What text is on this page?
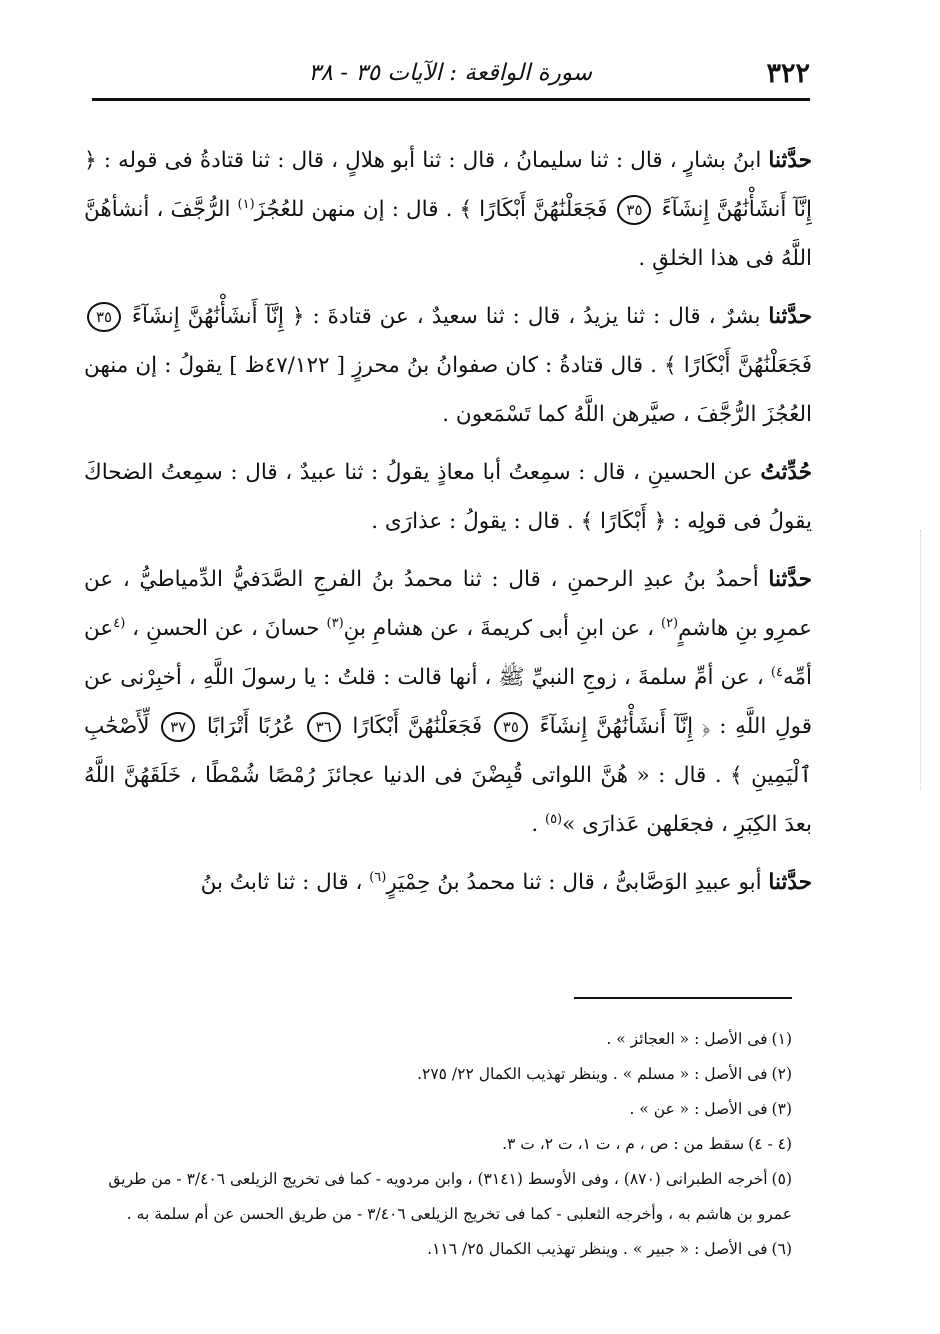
٣٢٢
سورة الواقعة : الآيات ٣٥ - ٣٨

حدَّثنا ابنُ بشارٍ ، قال : ثنا سليمانُ ، قال : ثنا أبو هلالٍ ، قال : ثنا قتادةُ فى قوله : ﴿ إِنَّآ أَنشَأْنَٰهُنَّ إِنشَآءً ٣٥ فَجَعَلْنَٰهُنَّ أَبْكَارًا ﴾ . قال : إن منهن للعُجُزَ$^{(١)}$ الرُّجَّفَ ، أنشأهُنَّ اللَّهُ فى هذا الخلقِ .

حدَّثنا بشرٌ ، قال : ثنا يزيدُ ، قال : ثنا سعيدٌ ، عن قتادةَ : ﴿ إِنَّآ أَنشَأْنَٰهُنَّ إِنشَآءً ٣٥ فَجَعَلْنَٰهُنَّ أَبْكَارًا ﴾ . قال قتادةُ : كان صفوانُ بنُ محرزٍ [ ٤٧/١٢٢ظ ] يقولُ : إن منهن العُجُزَ الرُّجَّفَ ، صيَّرهن اللَّهُ كما تَسْمَعون .

حُدِّثتُ عن الحسينِ ، قال : سمِعتُ أبا معاذٍ يقولُ : ثنا عبيدٌ ، قال : سمِعتُ الضحاكَ يقولُ فى قولِه : ﴿ أَبْكَارًا ﴾ . قال : يقولُ : عذارَى .

حدَّثنا أحمدُ بنُ عبدِ الرحمنِ ، قال : ثنا محمدُ بنُ الفرجِ الصَّدَفيُّ الدِّمياطيُّ ، عن عمرِو بنِ هاشمٍ$^{(٢)}$ ، عن ابنِ أبى كريمةَ ، عن هشامِ بنِ$^{(٣)}$ حسانَ ، عن الحسنِ ، $^{(٤}$عن أمِّه$^{٤)}$ ، عن أمِّ سلمةَ ، زوجِ النبيِّ ﷺ ، أنها قالت : قلتُ : يا رسولَ اللَّهِ ، أخبِرْنى عن قولِ اللَّهِ : ﴿ إِنَّآ أَنشَأْنَٰهُنَّ إِنشَآءً ٣٥ فَجَعَلْنَٰهُنَّ أَبْكَارًا ٣٦ عُرُبًا أَتْرَابًا ٣٧ لِّأَصْحَٰبِ ٱلْيَمِينِ ﴾ . قال : « هُنَّ اللواتى قُبِضْنَ فى الدنيا عجائزَ رُمْصًا شُمْطًا ، خَلَقَهُنَّ اللَّهُ بعدَ الكِبَرِ ، فجعَلهن عَذارَى »$^{(٥)}$ .

حدَّثنا أبو عبيدِ الوَصَّابىُّ ، قال : ثنا محمدُ بنُ حِمْيَرٍ$^{(٦)}$ ، قال : ثنا ثابتُ بنُ

(١)فى الأصل : « العجائز » .

(٢)فى الأصل : « مسلم » . وينظر تهذيب الكمال ٢٢/ ٢٧٥.

(٣)فى الأصل : « عن » .

(٤ - ٤)سقط من : ص ، م ، ت ١، ت ٢، ت ٣.

(٥)أخرجه الطبرانى (٨٧٠) ، وفى الأوسط (٣١٤١) ، وابن مردويه - كما فى تخريج الزيلعى ٣/٤٠٦ - من طريق عمرو بن هاشم به ، وأخرجه الثعلبى - كما فى تخريج الزيلعى ٣/٤٠٦ - من طريق الحسن عن أم سلمة به .

(٦)فى الأصل : « جبير » . وينظر تهذيب الكمال ٢٥/ ١١٦.
